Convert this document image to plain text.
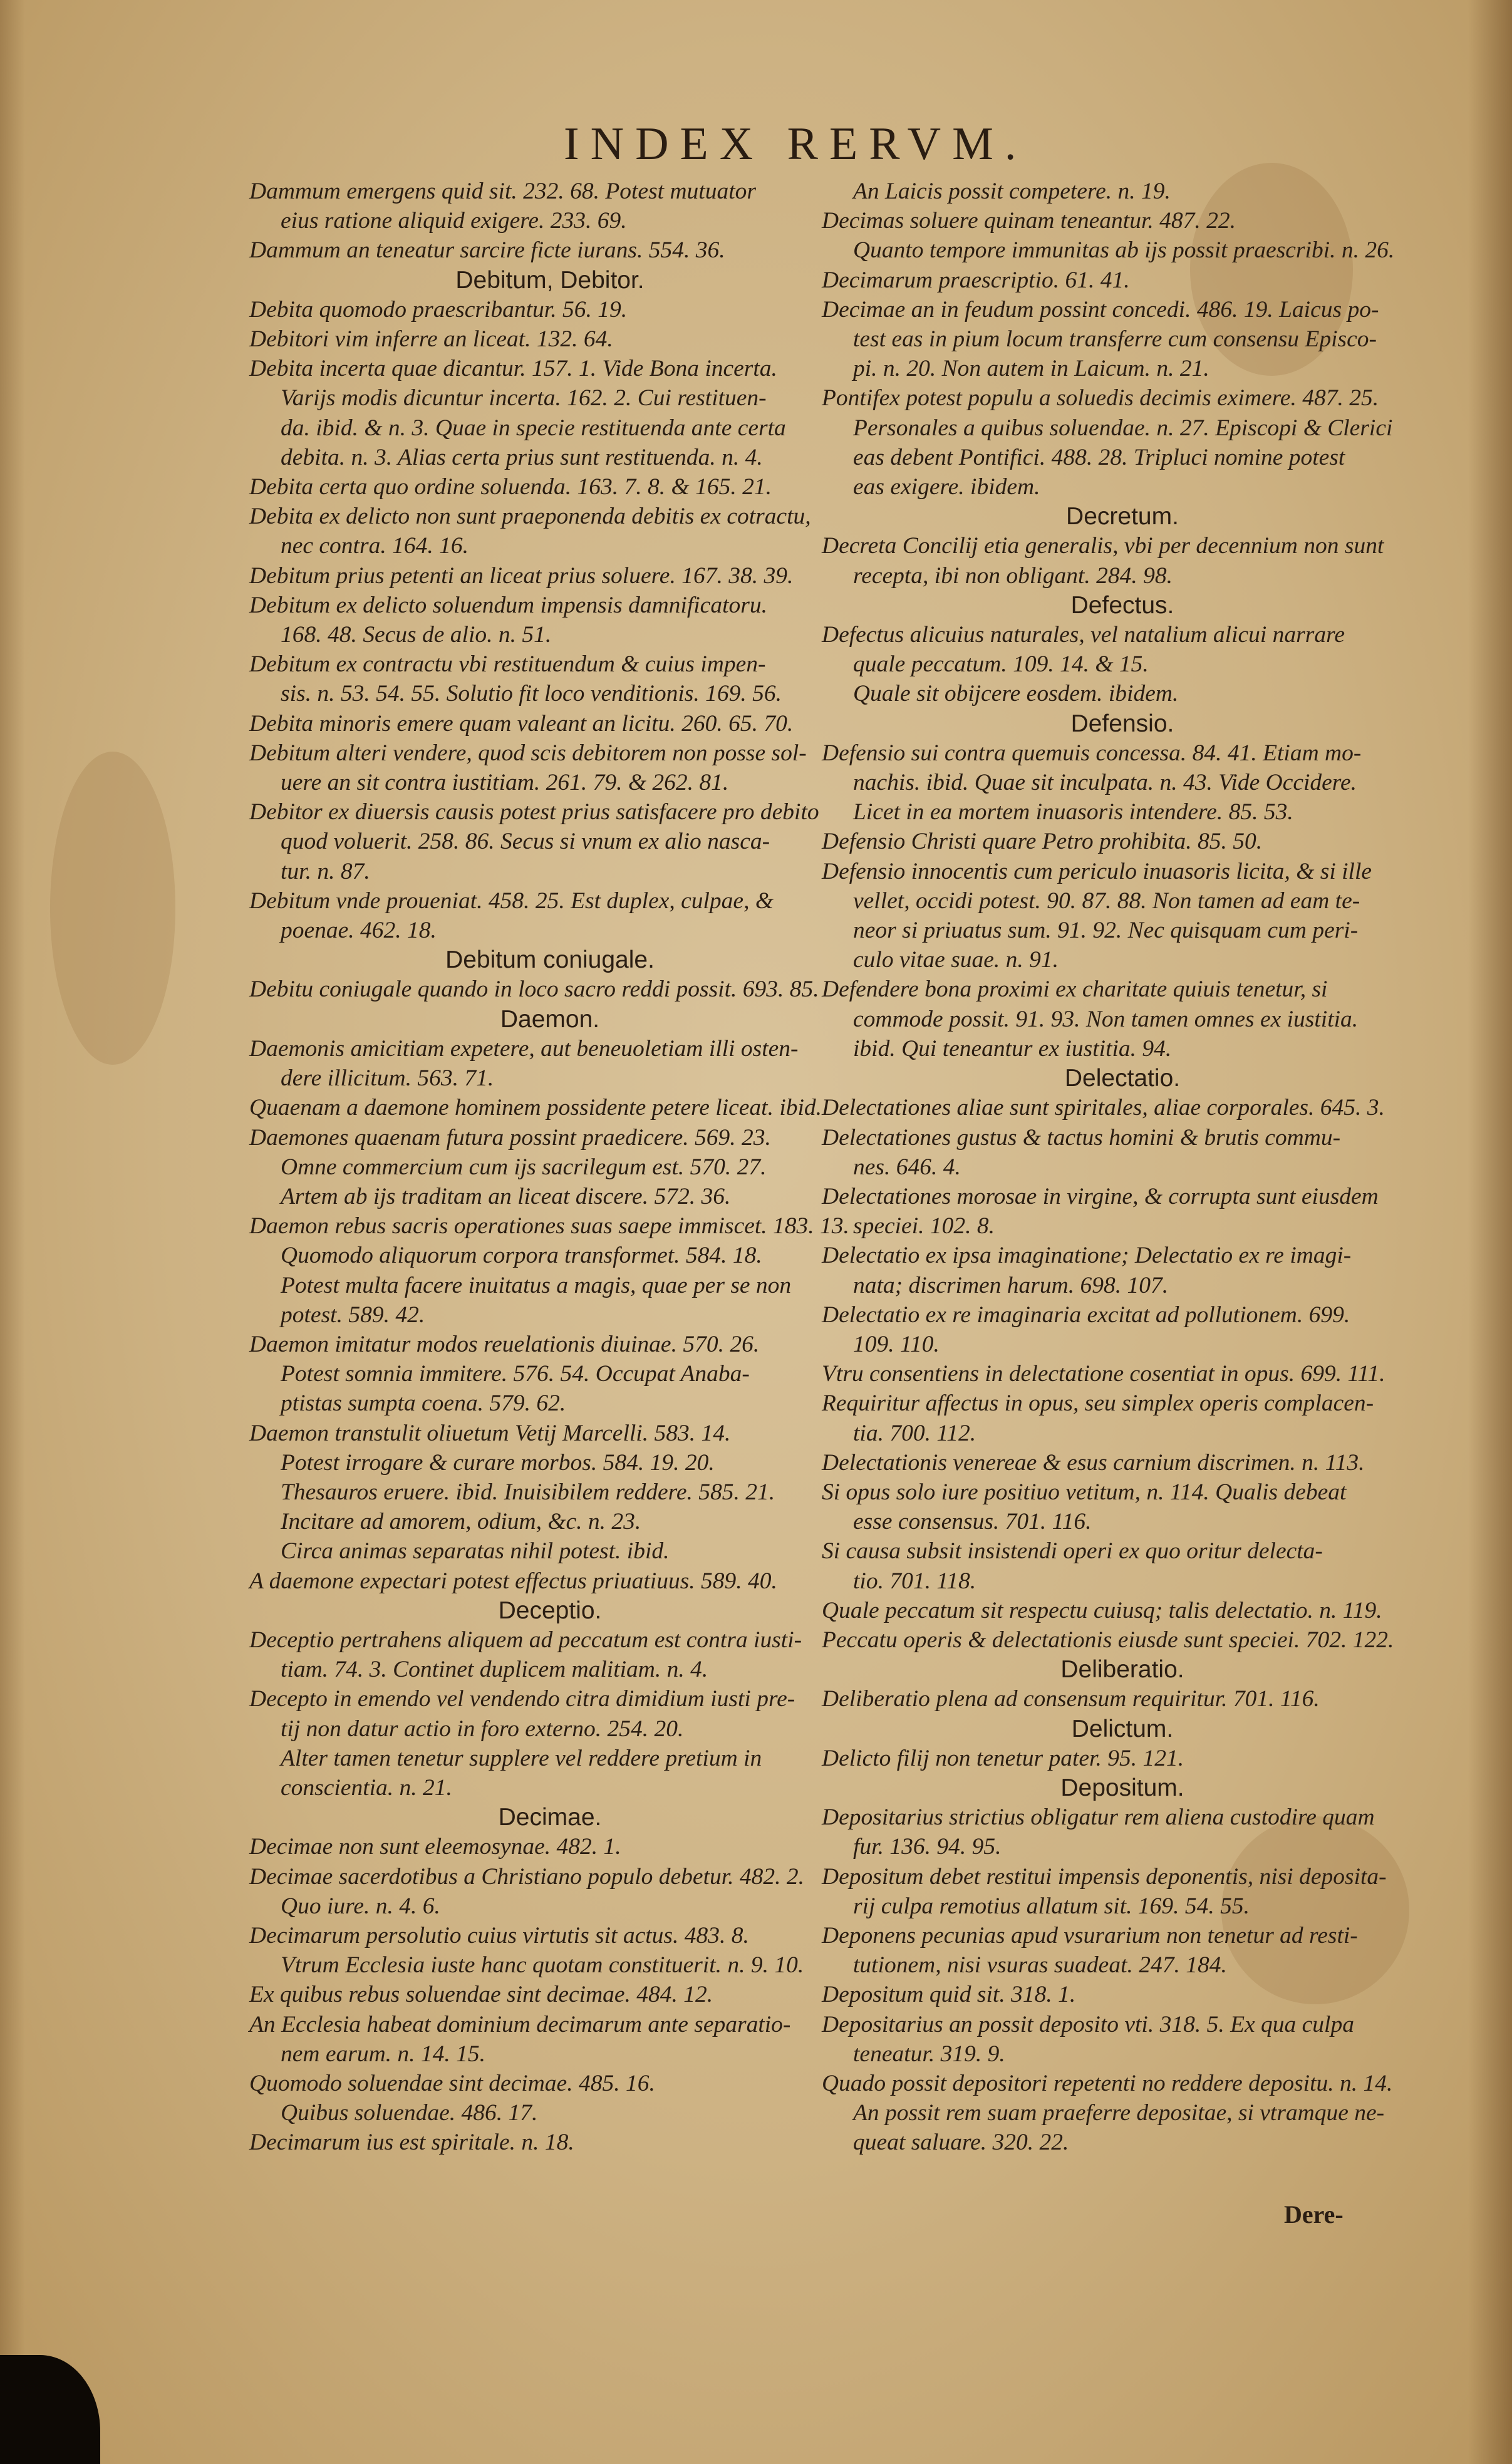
INDEX RERVM.
Dammum emergens quid sit. 232. 68. Potest mutuator
eius ratione aliquid exigere. 233. 69.
Dammum an teneatur sarcire ficte iurans. 554. 36.
Debitum, Debitor.
Debita quomodo praescribantur. 56. 19.
Debitori vim inferre an liceat. 132. 64.
Debita incerta quae dicantur. 157. 1. Vide Bona incerta.
Varijs modis dicuntur incerta. 162. 2. Cui restituen-
da. ibid. & n. 3. Quae in specie restituenda ante certa
debita. n. 3. Alias certa prius sunt restituenda. n. 4.
Debita certa quo ordine soluenda. 163. 7. 8. & 165. 21.
Debita ex delicto non sunt praeponenda debitis ex cotractu,
nec contra. 164. 16.
Debitum prius petenti an liceat prius soluere. 167. 38. 39.
Debitum ex delicto soluendum impensis damnificatoru.
168. 48. Secus de alio. n. 51.
Debitum ex contractu vbi restituendum & cuius impen-
sis. n. 53. 54. 55. Solutio fit loco venditionis. 169. 56.
Debita minoris emere quam valeant an licitu. 260. 65. 70.
Debitum alteri vendere, quod scis debitorem non posse sol-
uere an sit contra iustitiam. 261. 79. & 262. 81.
Debitor ex diuersis causis potest prius satisfacere pro debito
quod voluerit. 258. 86. Secus si vnum ex alio nasca-
tur. n. 87.
Debitum vnde proueniat. 458. 25. Est duplex, culpae, &
poenae. 462. 18.
Debitum coniugale.
Debitu coniugale quando in loco sacro reddi possit. 693. 85.
Daemon.
Daemonis amicitiam expetere, aut beneuoletiam illi osten-
dere illicitum. 563. 71.
Quaenam a daemone hominem possidente petere liceat. ibid.
Daemones quaenam futura possint praedicere. 569. 23.
Omne commercium cum ijs sacrilegum est. 570. 27.
Artem ab ijs traditam an liceat discere. 572. 36.
Daemon rebus sacris operationes suas saepe immiscet. 183. 13.
Quomodo aliquorum corpora transformet. 584. 18.
Potest multa facere inuitatus a magis, quae per se non
potest. 589. 42.
Daemon imitatur modos reuelationis diuinae. 570. 26.
Potest somnia immitere. 576. 54. Occupat Anaba-
ptistas sumpta coena. 579. 62.
Daemon transtulit oliuetum Vetij Marcelli. 583. 14.
Potest irrogare & curare morbos. 584. 19. 20.
Thesauros eruere. ibid. Inuisibilem reddere. 585. 21.
Incitare ad amorem, odium, &c. n. 23.
Circa animas separatas nihil potest. ibid.
A daemone expectari potest effectus priuatiuus. 589. 40.
Deceptio.
Deceptio pertrahens aliquem ad peccatum est contra iusti-
tiam. 74. 3. Continet duplicem malitiam. n. 4.
Decepto in emendo vel vendendo citra dimidium iusti pre-
tij non datur actio in foro externo. 254. 20.
Alter tamen tenetur supplere vel reddere pretium in
conscientia. n. 21.
Decimae.
Decimae non sunt eleemosynae. 482. 1.
Decimae sacerdotibus a Christiano populo debetur. 482. 2.
Quo iure. n. 4. 6.
Decimarum persolutio cuius virtutis sit actus. 483. 8.
Vtrum Ecclesia iuste hanc quotam constituerit. n. 9. 10.
Ex quibus rebus soluendae sint decimae. 484. 12.
An Ecclesia habeat dominium decimarum ante separatio-
nem earum. n. 14. 15.
Quomodo soluendae sint decimae. 485. 16.
Quibus soluendae. 486. 17.
Decimarum ius est spiritale. n. 18.
An Laicis possit competere. n. 19.
Decimas soluere quinam teneantur. 487. 22.
Quanto tempore immunitas ab ijs possit praescribi. n. 26.
Decimarum praescriptio. 61. 41.
Decimae an in feudum possint concedi. 486. 19. Laicus po-
test eas in pium locum transferre cum consensu Episco-
pi. n. 20. Non autem in Laicum. n. 21.
Pontifex potest populu a soluedis decimis eximere. 487. 25.
Personales a quibus soluendae. n. 27. Episcopi & Clerici
eas debent Pontifici. 488. 28. Tripluci nomine potest
eas exigere. ibidem.
Decretum.
Decreta Concilij etia generalis, vbi per decennium non sunt
recepta, ibi non obligant. 284. 98.
Defectus.
Defectus alicuius naturales, vel natalium alicui narrare
quale peccatum. 109. 14. & 15.
Quale sit obijcere eosdem. ibidem.
Defensio.
Defensio sui contra quemuis concessa. 84. 41. Etiam mo-
nachis. ibid. Quae sit inculpata. n. 43. Vide Occidere.
Licet in ea mortem inuasoris intendere. 85. 53.
Defensio Christi quare Petro prohibita. 85. 50.
Defensio innocentis cum periculo inuasoris licita, & si ille
vellet, occidi potest. 90. 87. 88. Non tamen ad eam te-
neor si priuatus sum. 91. 92. Nec quisquam cum peri-
culo vitae suae. n. 91.
Defendere bona proximi ex charitate quiuis tenetur, si
commode possit. 91. 93. Non tamen omnes ex iustitia.
ibid. Qui teneantur ex iustitia. 94.
Delectatio.
Delectationes aliae sunt spiritales, aliae corporales. 645. 3.
Delectationes gustus & tactus homini & brutis commu-
nes. 646. 4.
Delectationes morosae in virgine, & corrupta sunt eiusdem
speciei. 102. 8.
Delectatio ex ipsa imaginatione; Delectatio ex re imagi-
nata; discrimen harum. 698. 107.
Delectatio ex re imaginaria excitat ad pollutionem. 699.
109. 110.
Vtru consentiens in delectatione cosentiat in opus. 699. 111.
Requiritur affectus in opus, seu simplex operis complacen-
tia. 700. 112.
Delectationis venereae & esus carnium discrimen. n. 113.
Si opus solo iure positiuo vetitum, n. 114. Qualis debeat
esse consensus. 701. 116.
Si causa subsit insistendi operi ex quo oritur delecta-
tio. 701. 118.
Quale peccatum sit respectu cuiusq; talis delectatio. n. 119.
Peccatu operis & delectationis eiusde sunt speciei. 702. 122.
Deliberatio.
Deliberatio plena ad consensum requiritur. 701. 116.
Delictum.
Delicto filij non tenetur pater. 95. 121.
Depositum.
Depositarius strictius obligatur rem aliena custodire quam
fur. 136. 94. 95.
Depositum debet restitui impensis deponentis, nisi deposita-
rij culpa remotius allatum sit. 169. 54. 55.
Deponens pecunias apud vsurarium non tenetur ad resti-
tutionem, nisi vsuras suadeat. 247. 184.
Depositum quid sit. 318. 1.
Depositarius an possit deposito vti. 318. 5. Ex qua culpa
teneatur. 319. 9.
Quado possit depositori repetenti no reddere depositu. n. 14.
An possit rem suam praeferre depositae, si vtramque ne-
queat saluare. 320. 22.
Dere-
